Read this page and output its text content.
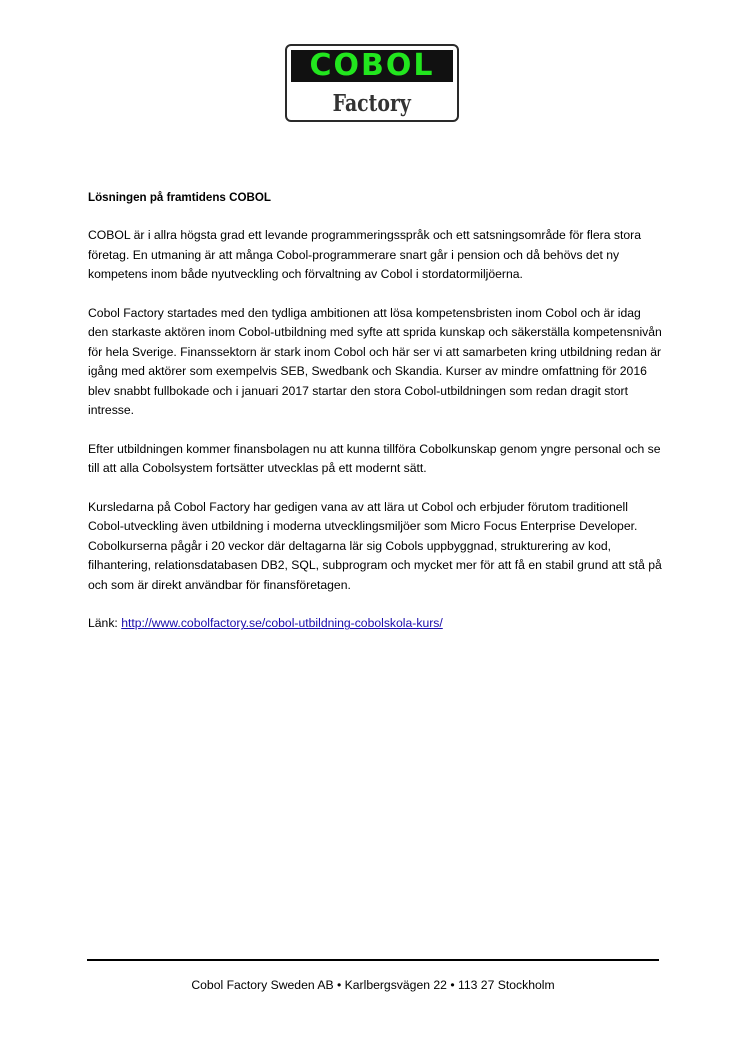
COBOL
Factory
Lösningen på framtidens COBOL
COBOL är i allra högsta grad ett levande programmeringsspråk och ett satsningsområde för flera stora företag. En utmaning är att många Cobol-programmerare snart går i pension och då behövs det ny kompetens inom både nyutveckling och förvaltning av Cobol i stordatormiljöerna.
Cobol Factory startades med den tydliga ambitionen att lösa kompetensbristen inom Cobol och är idag den starkaste aktören inom Cobol-utbildning med syfte att sprida kunskap och säkerställa kompetensnivån för hela Sverige. Finanssektorn är stark inom Cobol och här ser vi att samarbeten kring utbildning redan är igång med aktörer som exempelvis SEB, Swedbank och Skandia. Kurser av mindre omfattning för 2016 blev snabbt fullbokade och i januari 2017 startar den stora Cobol-utbildningen som redan dragit stort intresse.
Efter utbildningen kommer finansbolagen nu att kunna tillföra Cobolkunskap genom yngre personal och se till att alla Cobolsystem fortsätter utvecklas på ett modernt sätt.
Kursledarna på Cobol Factory har gedigen vana av att lära ut Cobol och erbjuder förutom traditionell Cobol-utveckling även utbildning i moderna utvecklingsmiljöer som Micro Focus Enterprise Developer. Cobolkurserna pågår i 20 veckor där deltagarna lär sig Cobols uppbyggnad, strukturering av kod, filhantering, relationsdatabasen DB2, SQL, subprogram och mycket mer för att få en stabil grund att stå på och som är direkt användbar för finansföretagen.
Länk: http://www.cobolfactory.se/cobol-utbildning-cobolskola-kurs/
Cobol Factory Sweden AB • Karlbergsvägen 22 • 113 27 Stockholm
